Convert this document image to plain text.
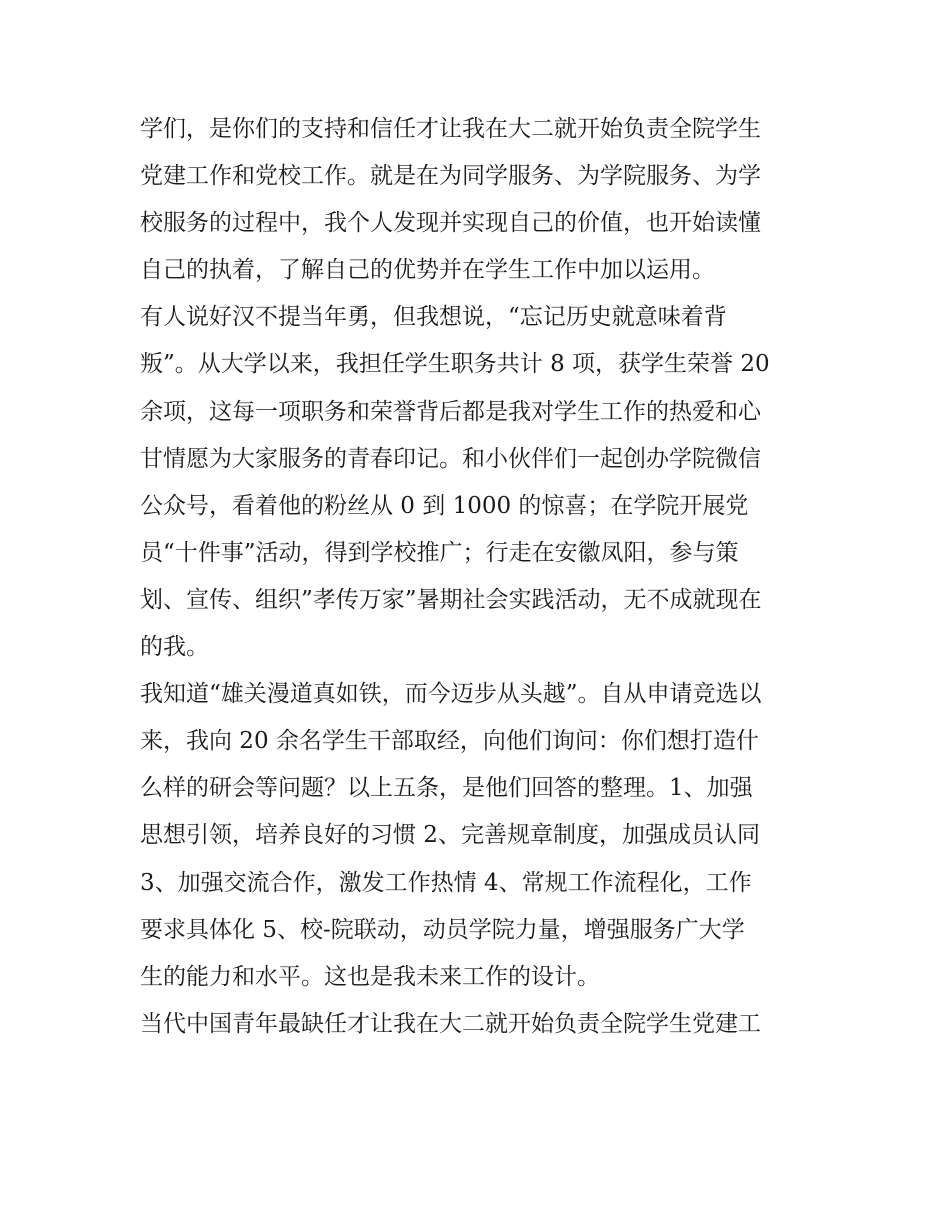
学们，是你们的支持和信任才让我在大二就开始负责全院学生
党建工作和党校工作。就是在为同学服务、为学院服务、为学
校服务的过程中，我个人发现并实现自己的价值，也开始读懂
自己的执着，了解自己的优势并在学生工作中加以运用。
有人说好汉不提当年勇，但我想说，“忘记历史就意味着背
叛”。从大学以来，我担任学生职务共计 8 项，获学生荣誉 20
余项，这每一项职务和荣誉背后都是我对学生工作的热爱和心
甘情愿为大家服务的青春印记。和小伙伴们一起创办学院微信
公众号，看着他的粉丝从 0 到 1000 的惊喜；在学院开展党
员“十件事”活动，得到学校推广；行走在安徽凤阳，参与策
划、宣传、组织”孝传万家”暑期社会实践活动，无不成就现在
的我。
我知道“雄关漫道真如铁，而今迈步从头越”。自从申请竞选以
来，我向 20 余名学生干部取经，向他们询问：你们想打造什
么样的研会等问题？以上五条，是他们回答的整理。1、加强
思想引领，培养良好的习惯 2、完善规章制度，加强成员认同
3、加强交流合作，激发工作热情 4、常规工作流程化，工作
要求具体化 5、校-院联动，动员学院力量，增强服务广大学
生的能力和水平。这也是我未来工作的设计。
当代中国青年最缺任才让我在大二就开始负责全院学生党建工
